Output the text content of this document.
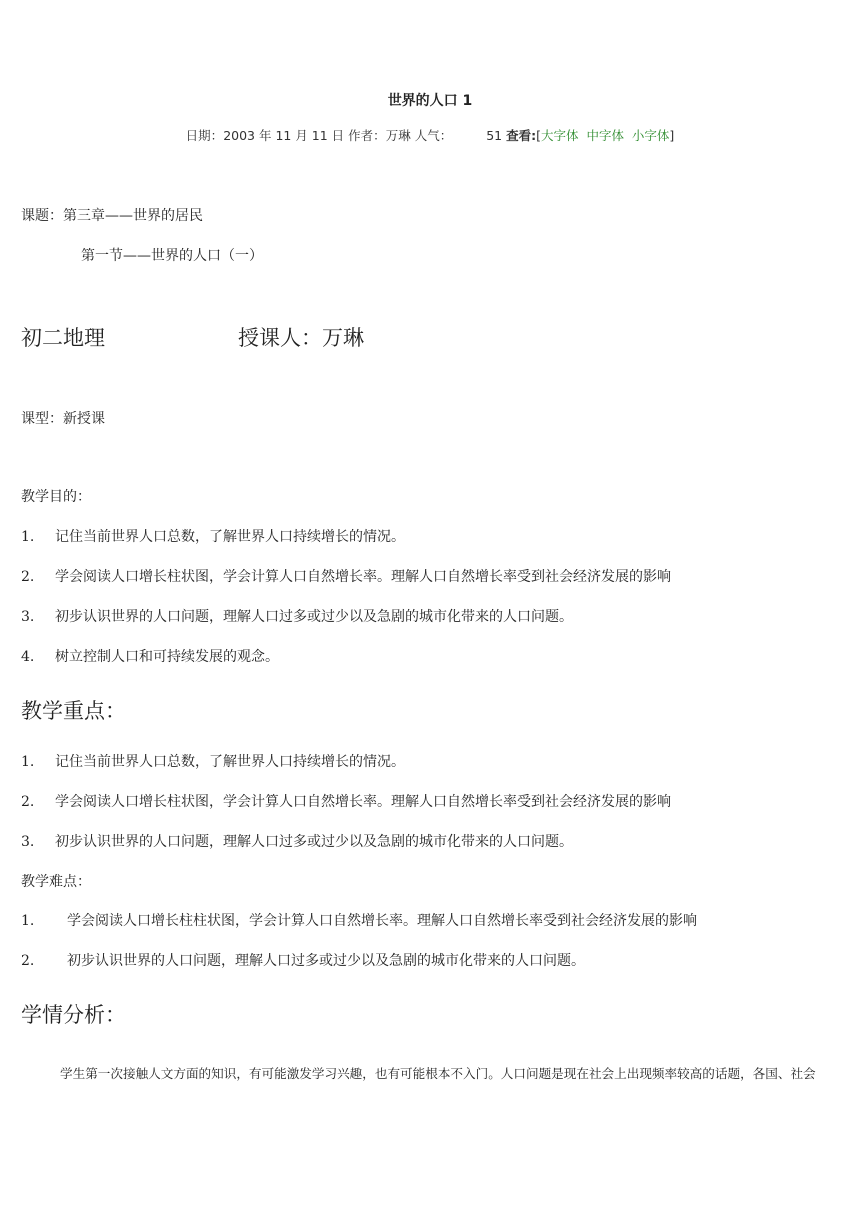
世界的人口 1
日期：2003 年 11 月 11 日 作者：万琳 人气：	51 查看:[大字体 中字体 小字体]
课题：第三章——世界的居民
第一节——世界的人口（一）
初二地理	授课人：万琳
课型：新授课
教学目的：
1. 记住当前世界人口总数，了解世界人口持续增长的情况。
2. 学会阅读人口增长柱状图，学会计算人口自然增长率。理解人口自然增长率受到社会经济发展的影响
3. 初步认识世界的人口问题，理解人口过多或过少以及急剧的城市化带来的人口问题。
4. 树立控制人口和可持续发展的观念。
教学重点：
1. 记住当前世界人口总数，了解世界人口持续增长的情况。
2. 学会阅读人口增长柱状图，学会计算人口自然增长率。理解人口自然增长率受到社会经济发展的影响
3. 初步认识世界的人口问题，理解人口过多或过少以及急剧的城市化带来的人口问题。
教学难点：
1. 学会阅读人口增长柱柱状图，学会计算人口自然增长率。理解人口自然增长率受到社会经济发展的影响
2. 初步认识世界的人口问题，理解人口过多或过少以及急剧的城市化带来的人口问题。
学情分析：
学生第一次接触人文方面的知识，有可能激发学习兴趣，也有可能根本不入门。人口问题是现在社会上出现频率较高的话题，各国、社会
